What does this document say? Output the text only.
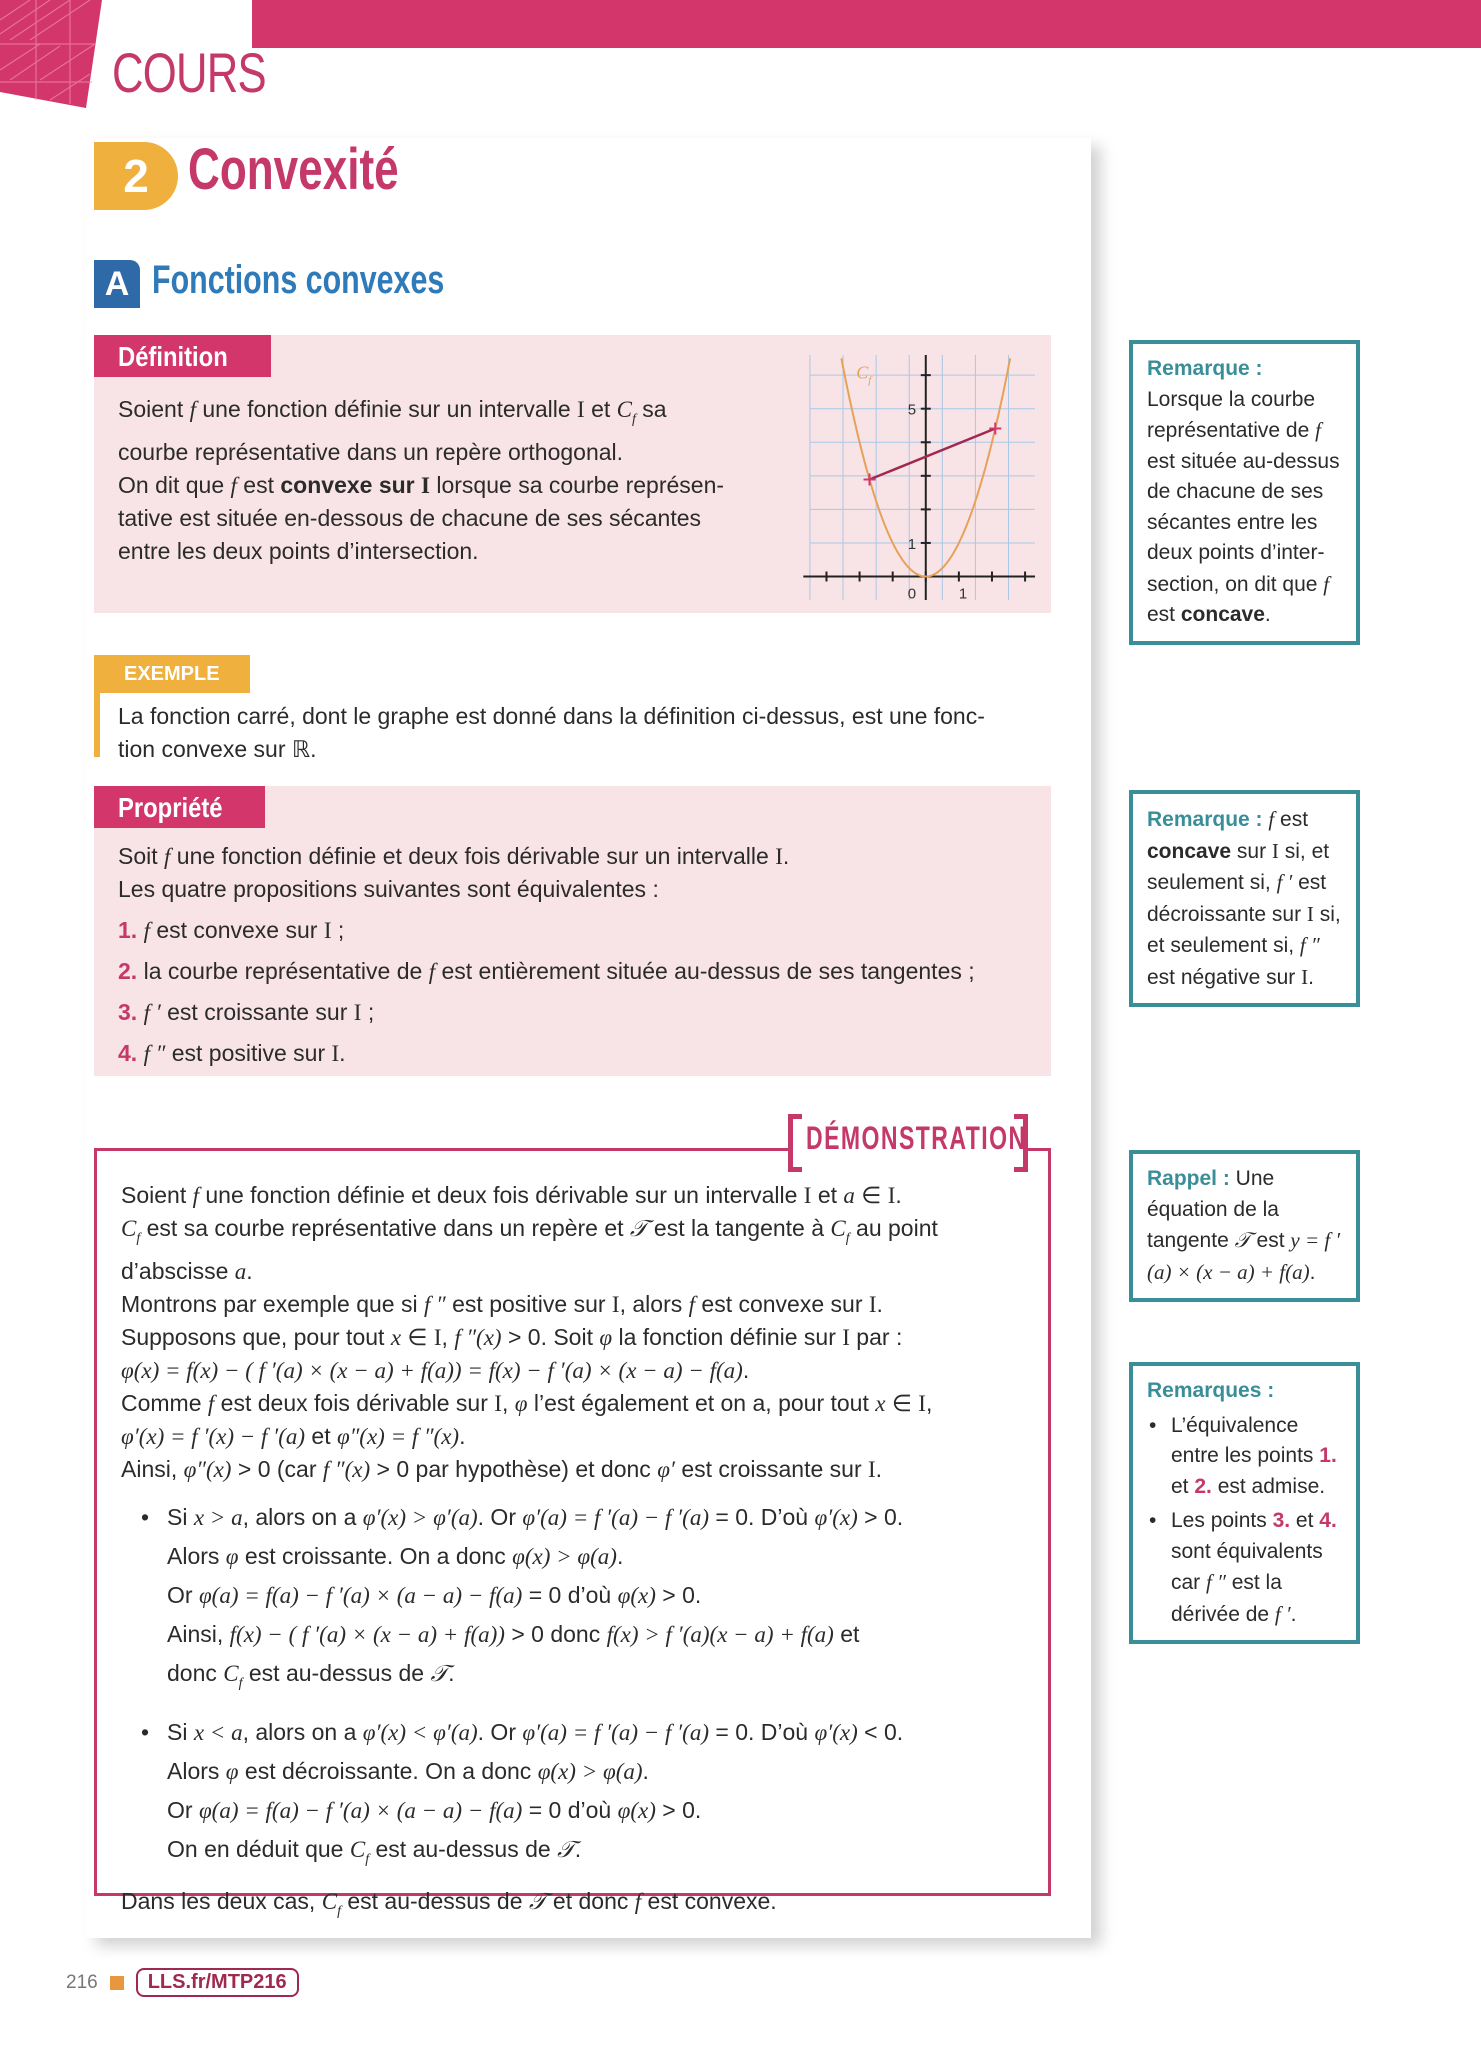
COURS
2 Convexité
A Fonctions convexes
Définition
Soient f une fonction définie sur un intervalle I et $C_f$ sa
courbe représentative dans un repère orthogonal.
On dit que f est convexe sur I lorsque sa courbe représen-
tative est située en-dessous de chacune de ses sécantes
entre les deux points d’intersection.	1
5
0	1
$C_f$
EXEMPLE
La fonction carré, dont le graphe est donné dans la définition ci-dessus, est une fonc-
tion convexe sur ℝ.
Propriété
Soit f une fonction définie et deux fois dérivable sur un intervalle I.
Les quatre propositions suivantes sont équivalentes :
1. f est convexe sur I ;
2. la courbe représentative de f est entièrement située au-dessus de ses tangentes ;
3. f ′ est croissante sur I ;
4. f ″ est positive sur I.
Remarque : Lorsque la courbe représentative de f est située au-dessus de chacune de ses sécantes entre les deux points d’intersection, on dit que f est concave.
Remarque : f est concave sur I si, et seulement si, f ′ est décroissante sur I si, et seulement si, f ″ est négative sur I.
Rappel : Une équation de la tangente 𝒯 est y = f ′(a) × (x − a) + f(a).
Remarques :
• L’équivalence entre les points 1. et 2. est admise.
• Les points 3. et 4. sont équivalents car f ″ est la dérivée de f ′.
Soient f une fonction définie et deux fois dérivable sur un intervalle I et a ∈ I.
$C_f$ est sa courbe représentative dans un repère et 𝒯 est la tangente à $C_f$ au point
d’abscisse a.
Montrons par exemple que si f ″ est positive sur I, alors f est convexe sur I.
Supposons que, pour tout x ∈ I, f ″(x) > 0. Soit φ la fonction définie sur I par :
φ(x) = f(x) − ( f ′(a) × (x − a) + f(a)) = f(x) − f ′(a) × (x − a) − f(a).
Comme f est deux fois dérivable sur I, φ l’est également et on a, pour tout x ∈ I,
φ′(x) = f ′(x) − f ′(a) et φ″(x) = f ″(x).
Ainsi, φ″(x) > 0 (car f ″(x) > 0 par hypothèse) et donc φ′ est croissante sur I.
• Si x > a, alors on a φ′(x) > φ′(a). Or φ′(a) = f ′(a) − f ′(a) = 0. D’où φ′(x) > 0.
Alors φ est croissante. On a donc φ(x) > φ(a).
Or φ(a) = f(a) − f ′(a) × (a − a) − f(a) = 0 d’où φ(x) > 0.
Ainsi, f(x) − ( f ′(a) × (x − a) + f(a)) > 0 donc f(x) > f ′(a)(x − a) + f(a) et
donc $C_f$ est au-dessus de 𝒯.
• Si x < a, alors on a φ′(x) < φ′(a). Or φ′(a) = f ′(a) − f ′(a) = 0. D’où φ′(x) < 0.
Alors φ est décroissante. On a donc φ(x) > φ(a).
Or φ(a) = f(a) − f ′(a) × (a − a) − f(a) = 0 d’où φ(x) > 0.
On en déduit que $C_f$ est au-dessus de 𝒯.
Dans les deux cas, $C_f$ est au-dessus de 𝒯 et donc f est convexe.
DÉMONSTRATION
216	LLS.fr/MTP216
